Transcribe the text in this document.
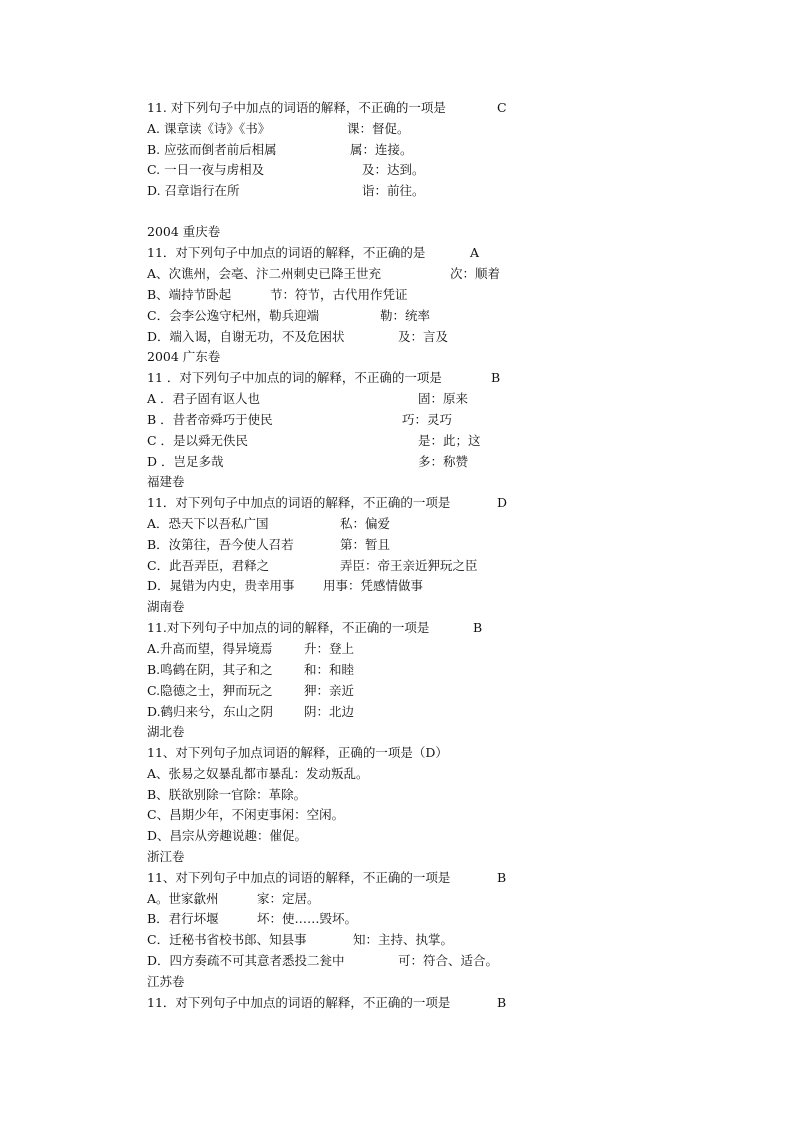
11. 对下列句子中加点的词语的解释，不正确的一项是	C
A. 课章读《诗》《书》	课：督促。
B. 应弦而倒者前后相属	属：连接。
C. 一日一夜与虏相及	及：达到。
D. 召章诣行在所	诣：前往。
2004 重庆卷
11．对下列句子中加点的词语的解释，不正确的是	A
A、次谯州，会亳、汴二州刺史已降王世充	次：顺着
B、端持节卧起	节：符节，古代用作凭证
C．会李公逸守杞州，勒兵迎端	勒：统率
D．端入谒，自谢无功，不及危困状	及：言及
2004 广东卷
11 ．对下列句子中加点的词的解释，不正确的一项是	B
A ．君子固有讴人也	固：原来
B ．昔者帝舜巧于使民	巧：灵巧
C ．是以舜无佚民	是：此；这
D ．岂足多哉	多：称赞
福建卷
11．对下列句子中加点的词语的解释，不正确的一项是	D
A．恐天下以吾私广国	私：偏爱
B．汝第往，吾今使人召若	第：暂且
C．此吾弄臣，君释之	弄臣：帝王亲近狎玩之臣
D．晁错为内史，贵幸用事 用事：凭感情做事
湖南卷
11.对下列句子中加点的词的解释，不正确的一项是	B
A.升高而望，得异境焉	升：登上
B.鸣鹤在阴，其子和之	和：和睦
C.隐德之士，狎而玩之	狎：亲近
D.鹤归来兮，东山之阴 阴：北边
湖北卷
11、对下列句子加点词语的解释，正确的一项是（D）
A、张易之奴暴乱都市暴乱：发动叛乱。
B、朕欲别除一官除：革除。
C、昌期少年，不闲吏事闲：空闲。
D、昌宗从旁趣说趣：催促。
浙江卷
11、对下列句子中加点的词语的解释，不正确的一项是	B
A。世家歙州	家：定居。
B．君行坏堰	坏：使……毁坏。
C．迁秘书省校书郎、知县事	知：主持、执掌。
D．四方奏疏不可其意者悉投二瓮中	可：符合、适合。
江苏卷
11．对下列句子中加点的词语的解释，不正确的一项是	B
